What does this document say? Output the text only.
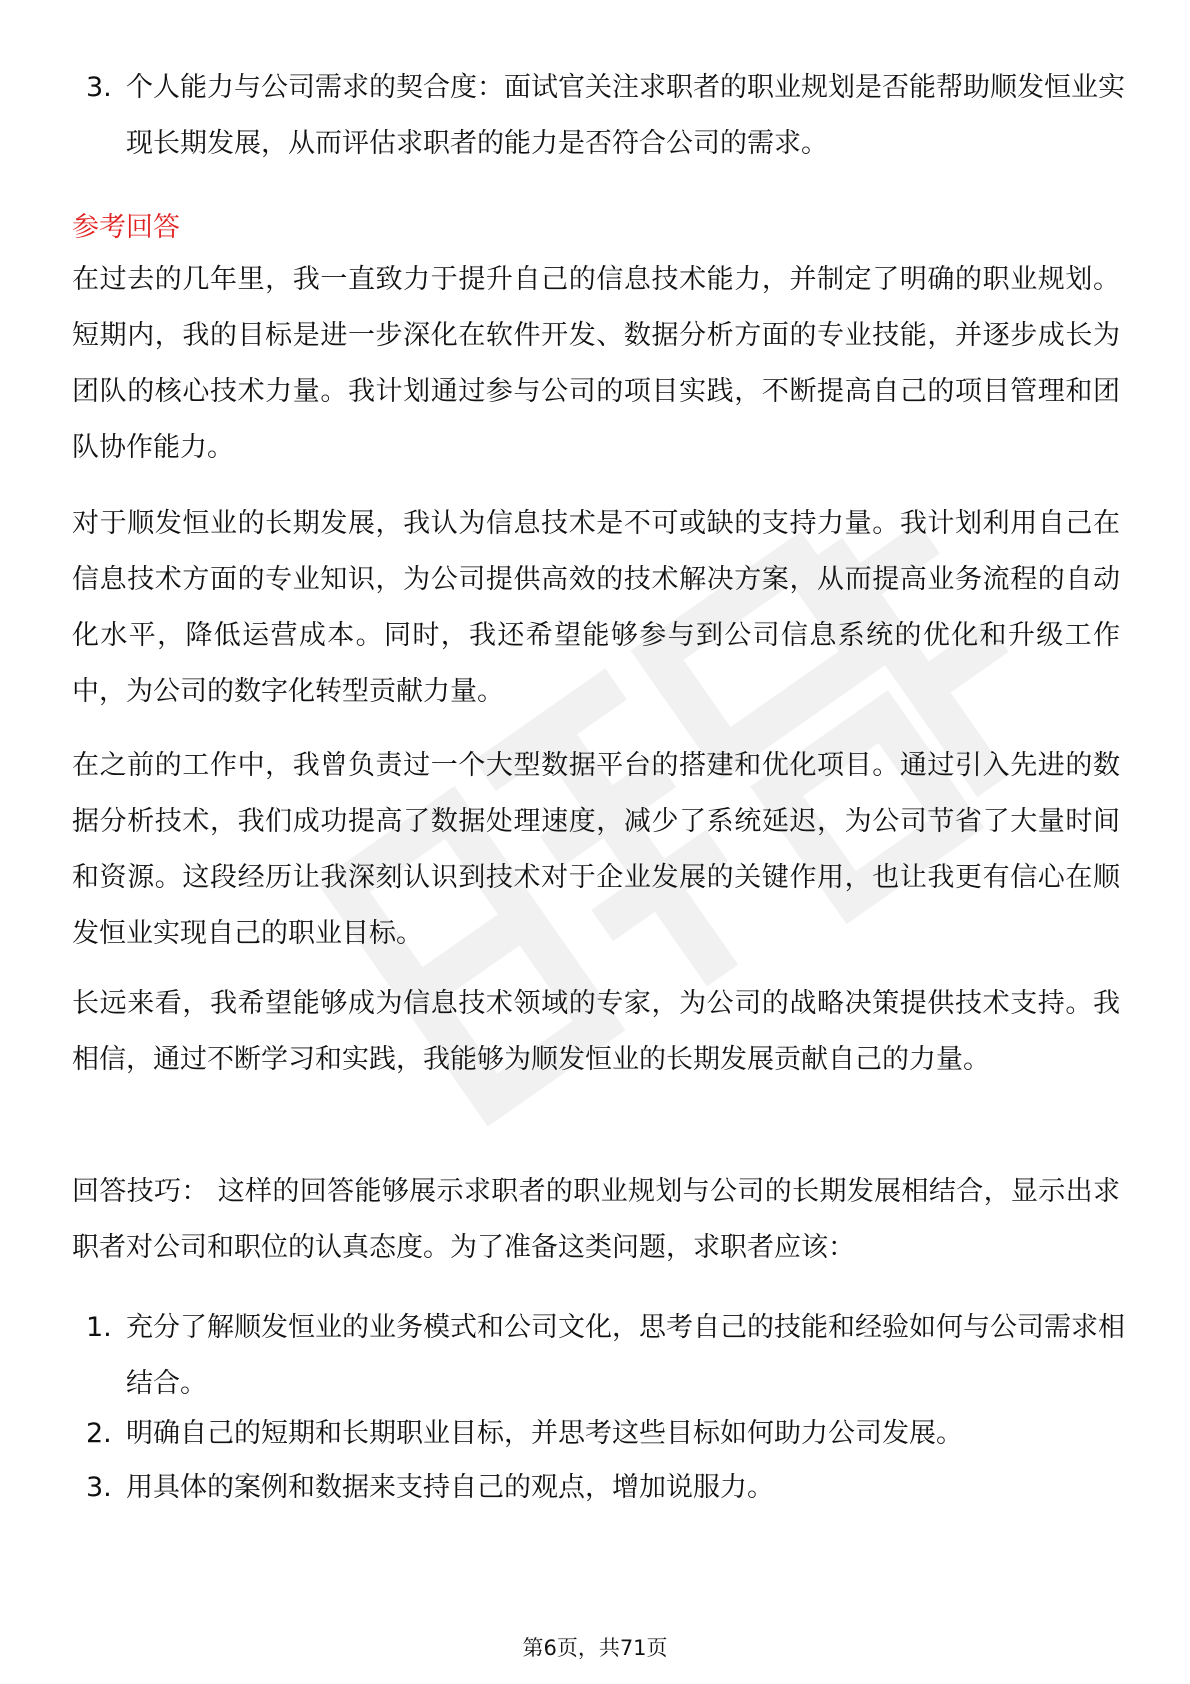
3. 个人能力与公司需求的契合度：面试官关注求职者的职业规划是否能帮助顺发恒业实现长期发展，从而评估求职者的能力是否符合公司的需求。
参考回答
在过去的几年里，我一直致力于提升自己的信息技术能力，并制定了明确的职业规划。短期内，我的目标是进一步深化在软件开发、数据分析方面的专业技能，并逐步成长为团队的核心技术力量。我计划通过参与公司的项目实践，不断提高自己的项目管理和团队协作能力。
对于顺发恒业的长期发展，我认为信息技术是不可或缺的支持力量。我计划利用自己在信息技术方面的专业知识，为公司提供高效的技术解决方案，从而提高业务流程的自动化水平，降低运营成本。同时，我还希望能够参与到公司信息系统的优化和升级工作中，为公司的数字化转型贡献力量。
在之前的工作中，我曾负责过一个大型数据平台的搭建和优化项目。通过引入先进的数据分析技术，我们成功提高了数据处理速度，减少了系统延迟，为公司节省了大量时间和资源。这段经历让我深刻认识到技术对于企业发展的关键作用，也让我更有信心在顺发恒业实现自己的职业目标。
长远来看，我希望能够成为信息技术领域的专家，为公司的战略决策提供技术支持。我相信，通过不断学习和实践，我能够为顺发恒业的长期发展贡献自己的力量。
回答技巧： 这样的回答能够展示求职者的职业规划与公司的长期发展相结合，显示出求职者对公司和职位的认真态度。为了准备这类问题，求职者应该：
1. 充分了解顺发恒业的业务模式和公司文化，思考自己的技能和经验如何与公司需求相结合。
2. 明确自己的短期和长期职业目标，并思考这些目标如何助力公司发展。
3. 用具体的案例和数据来支持自己的观点，增加说服力。
第6页，共71页
